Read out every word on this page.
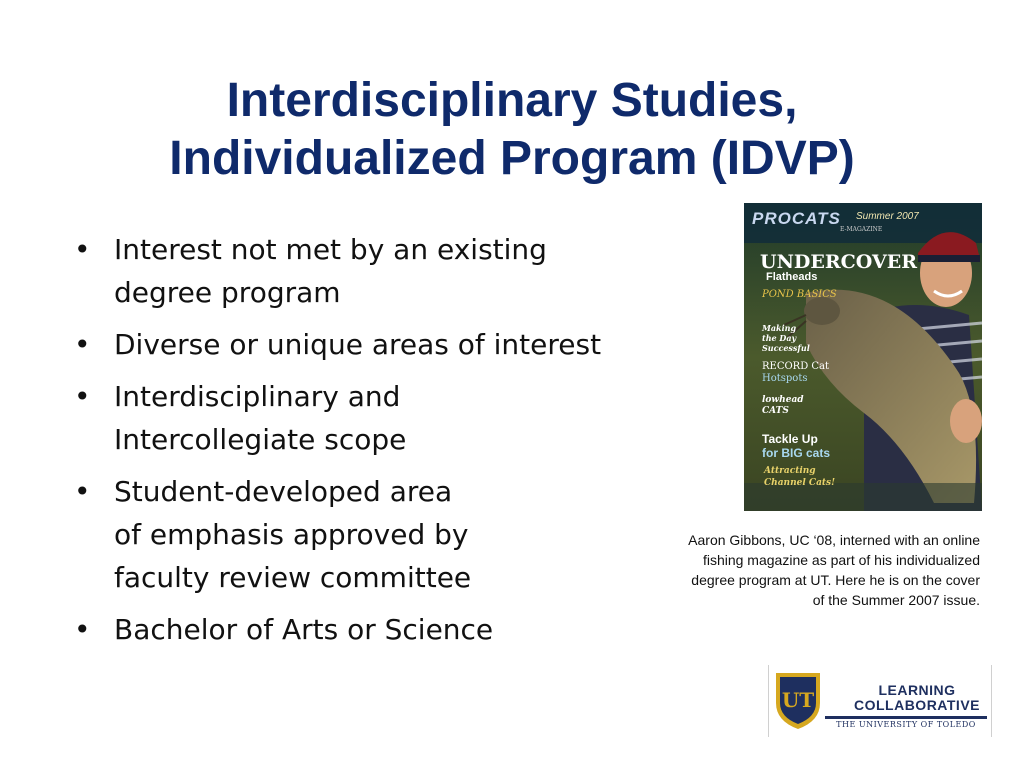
Interdisciplinary Studies,
Individualized Program (IDVP)
• Interest not met by an existing
degree program
• Diverse or unique areas of interest
• Interdisciplinary and
Intercollegiate scope
• Student-developed area
of emphasis approved by
faculty review committee
• Bachelor of Arts or Science
PROCATS
E-MAGAZINE
Summer 2007
UNDERCOVER
Flatheads
POND BASICS
Making
the Day
Successful
RECORD Cat
Hotspots
lowhead
CATS
Tackle Up
for BIG cats
Attracting
Channel Cats!
Aaron Gibbons, UC ‘08, interned with an online fishing magazine as part of his individualized degree program at UT. Here he is on the cover of the Summer 2007 issue.
UT	LEARNING
COLLABORATIVE
THE UNIVERSITY OF TOLEDO
